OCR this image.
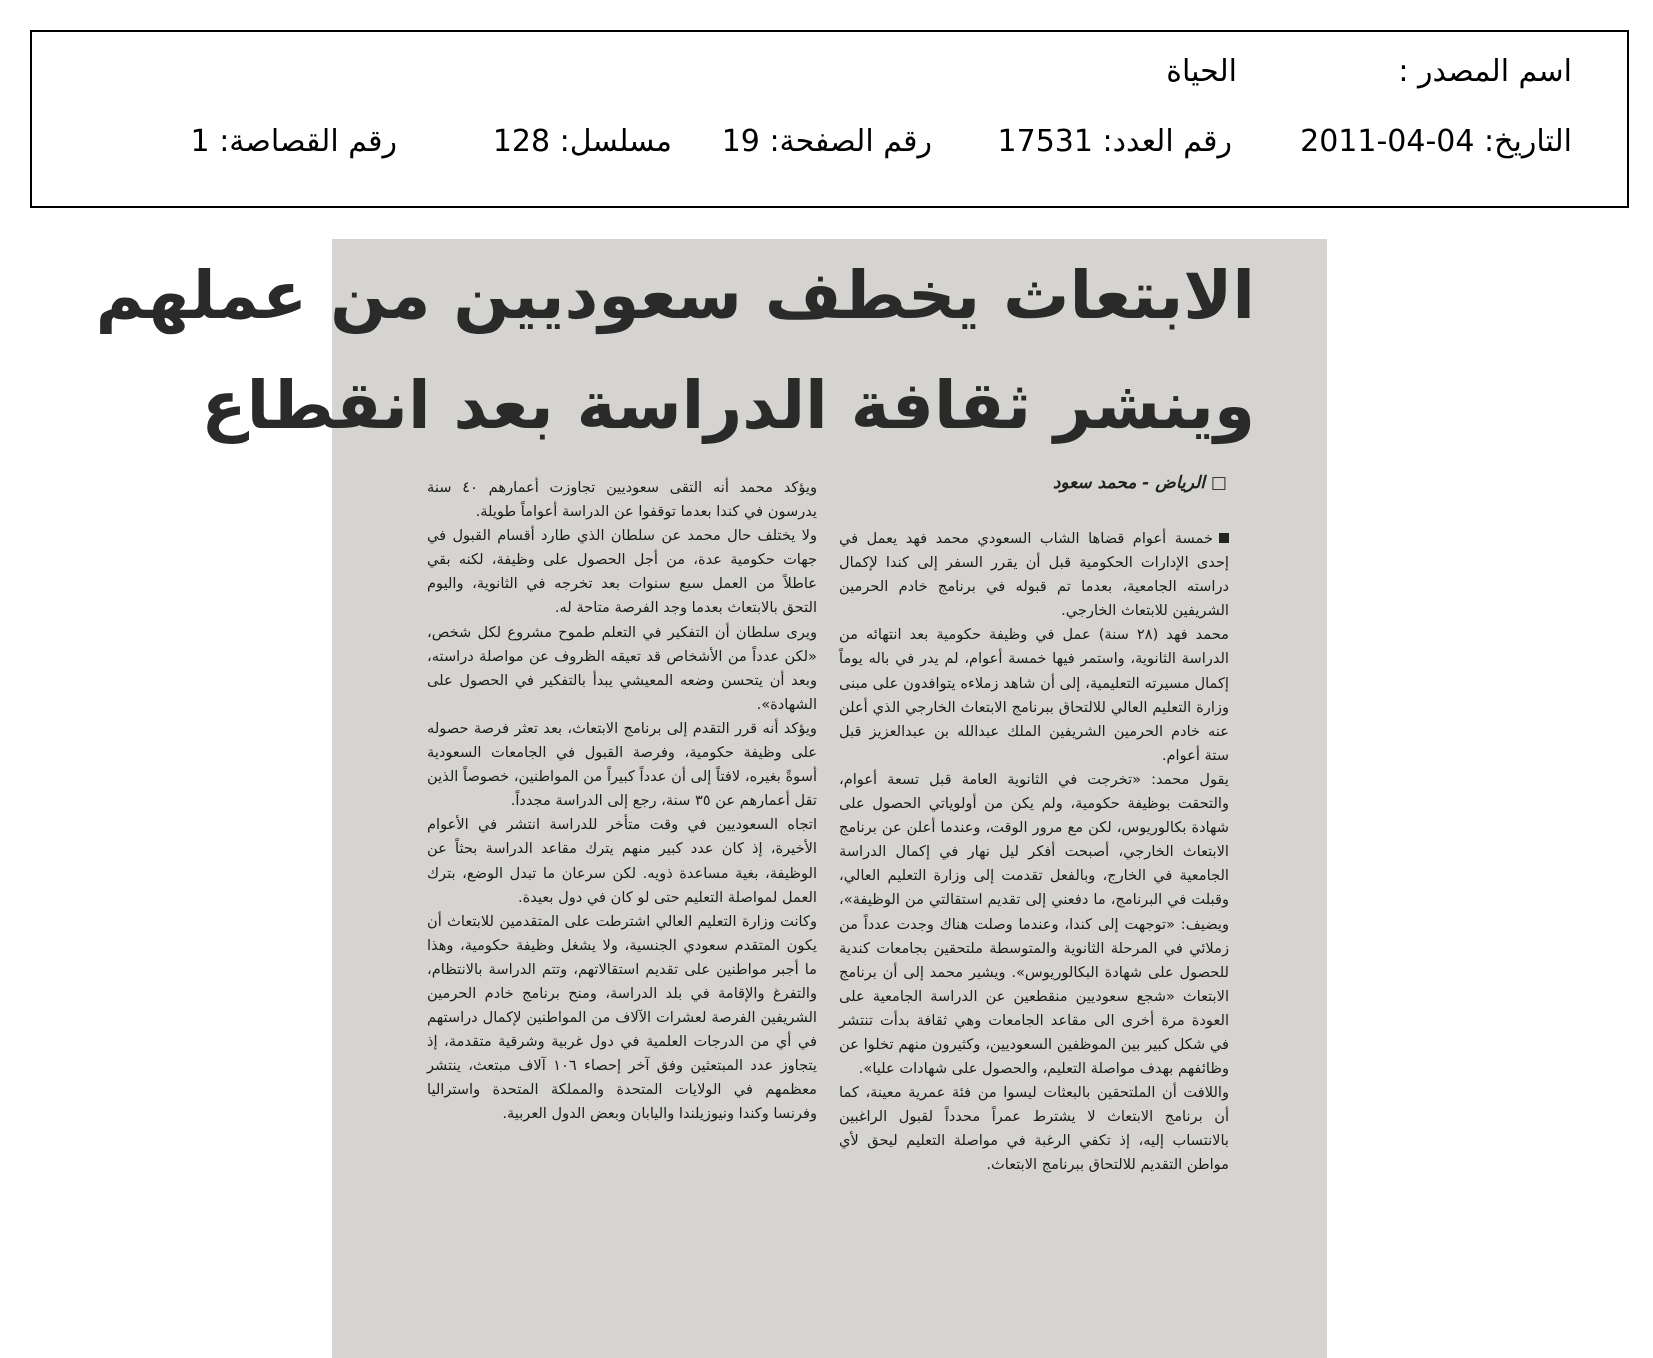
اسم المصدر :
الحياة
التاريخ: 2011-04-04
رقم العدد: 17531
رقم الصفحة: 19
مسلسل: 128
رقم القصاصة: 1
الابتعاث يخطف سعوديين من عملهم
وينشر ثقافة الدراسة بعد انقطاع
□ الرياض - محمد سعود

خمسة أعوام قضاها الشاب السعودي محمد فهد يعمل في إحدى الإدارات الحكومية قبل أن يقرر السفر إلى كندا لإكمال دراسته الجامعية، بعدما تم قبوله في برنامج خادم الحرمين الشريفين للابتعاث الخارجي.

محمد فهد (٢٨ سنة) عمل في وظيفة حكومية بعد انتهائه من الدراسة الثانوية، واستمر فيها خمسة أعوام، لم يدر في باله يوماً إكمال مسيرته التعليمية، إلى أن شاهد زملاءه يتوافدون على مبنى وزارة التعليم العالي للالتحاق ببرنامج الابتعاث الخارجي الذي أعلن عنه خادم الحرمين الشريفين الملك عبدالله بن عبدالعزيز قبل ستة أعوام.

يقول محمد: «تخرجت في الثانوية العامة قبل تسعة أعوام، والتحقت بوظيفة حكومية، ولم يكن من أولوياتي الحصول على شهادة بكالوريوس، لكن مع مرور الوقت، وعندما أعلن عن برنامج الابتعاث الخارجي، أصبحت أفكر ليل نهار في إكمال الدراسة الجامعية في الخارج، وبالفعل تقدمت إلى وزارة التعليم العالي، وقبلت في البرنامج، ما دفعني إلى تقديم استقالتي من الوظيفة»، ويضيف: «توجهت إلى كندا، وعندما وصلت هناك وجدت عدداً من زملائي في المرحلة الثانوية والمتوسطة ملتحقين بجامعات كندية للحصول على شهادة البكالوريوس». ويشير محمد إلى أن برنامج الابتعاث «شجع سعوديين منقطعين عن الدراسة الجامعية على العودة مرة أخرى الى مقاعد الجامعات وهي ثقافة بدأت تنتشر في شكل كبير بين الموظفين السعوديين، وكثيرون منهم تخلوا عن وظائفهم بهدف مواصلة التعليم، والحصول على شهادات عليا».

واللافت أن الملتحقين بالبعثات ليسوا من فئة عمرية معينة، كما أن برنامج الابتعاث لا يشترط عمراً محدداً لقبول الراغبين بالانتساب إليه، إذ تكفي الرغبة في مواصلة التعليم ليحق لأي مواطن التقديم للالتحاق ببرنامج الابتعاث.

ويؤكد محمد أنه التقى سعوديين تجاوزت أعمارهم ٤٠ سنة يدرسون في كندا بعدما توقفوا عن الدراسة أعواماً طويلة.

ولا يختلف حال محمد عن سلطان الذي طارد أقسام القبول في جهات حكومية عدة، من أجل الحصول على وظيفة، لكنه بقي عاطلاً من العمل سبع سنوات بعد تخرجه في الثانوية، واليوم التحق بالابتعاث بعدما وجد الفرصة متاحة له.

ويرى سلطان أن التفكير في التعلم طموح مشروع لكل شخص، «لكن عدداً من الأشخاص قد تعيقه الظروف عن مواصلة دراسته، وبعد أن يتحسن وضعه المعيشي يبدأ بالتفكير في الحصول على الشهادة».

ويؤكد أنه قرر التقدم إلى برنامج الابتعاث، بعد تعثر فرصة حصوله على وظيفة حكومية، وفرصة القبول في الجامعات السعودية أسوةً بغيره، لافتاً إلى أن عدداً كبيراً من المواطنين، خصوصاً الذين تقل أعمارهم عن ٣٥ سنة، رجع إلى الدراسة مجدداً.

اتجاه السعوديين في وقت متأخر للدراسة انتشر في الأعوام الأخيرة، إذ كان عدد كبير منهم يترك مقاعد الدراسة بحثاً عن الوظيفة، بغية مساعدة ذويه. لكن سرعان ما تبدل الوضع، بترك العمل لمواصلة التعليم حتى لو كان في دول بعيدة.

وكانت وزارة التعليم العالي اشترطت على المتقدمين للابتعاث أن يكون المتقدم سعودي الجنسية، ولا يشغل وظيفة حكومية، وهذا ما أجبر مواطنين على تقديم استقالاتهم، وتتم الدراسة بالانتظام، والتفرغ والإقامة في بلد الدراسة، ومنح برنامج خادم الحرمين الشريفين الفرصة لعشرات الآلاف من المواطنين لإكمال دراستهم في أي من الدرجات العلمية في دول غربية وشرقية متقدمة، إذ يتجاوز عدد المبتعثين وفق آخر إحصاء ١٠٦ آلاف مبتعث، ينتشر معظمهم في الولايات المتحدة والمملكة المتحدة واستراليا وفرنسا وكندا ونيوزيلندا واليابان وبعض الدول العربية.
